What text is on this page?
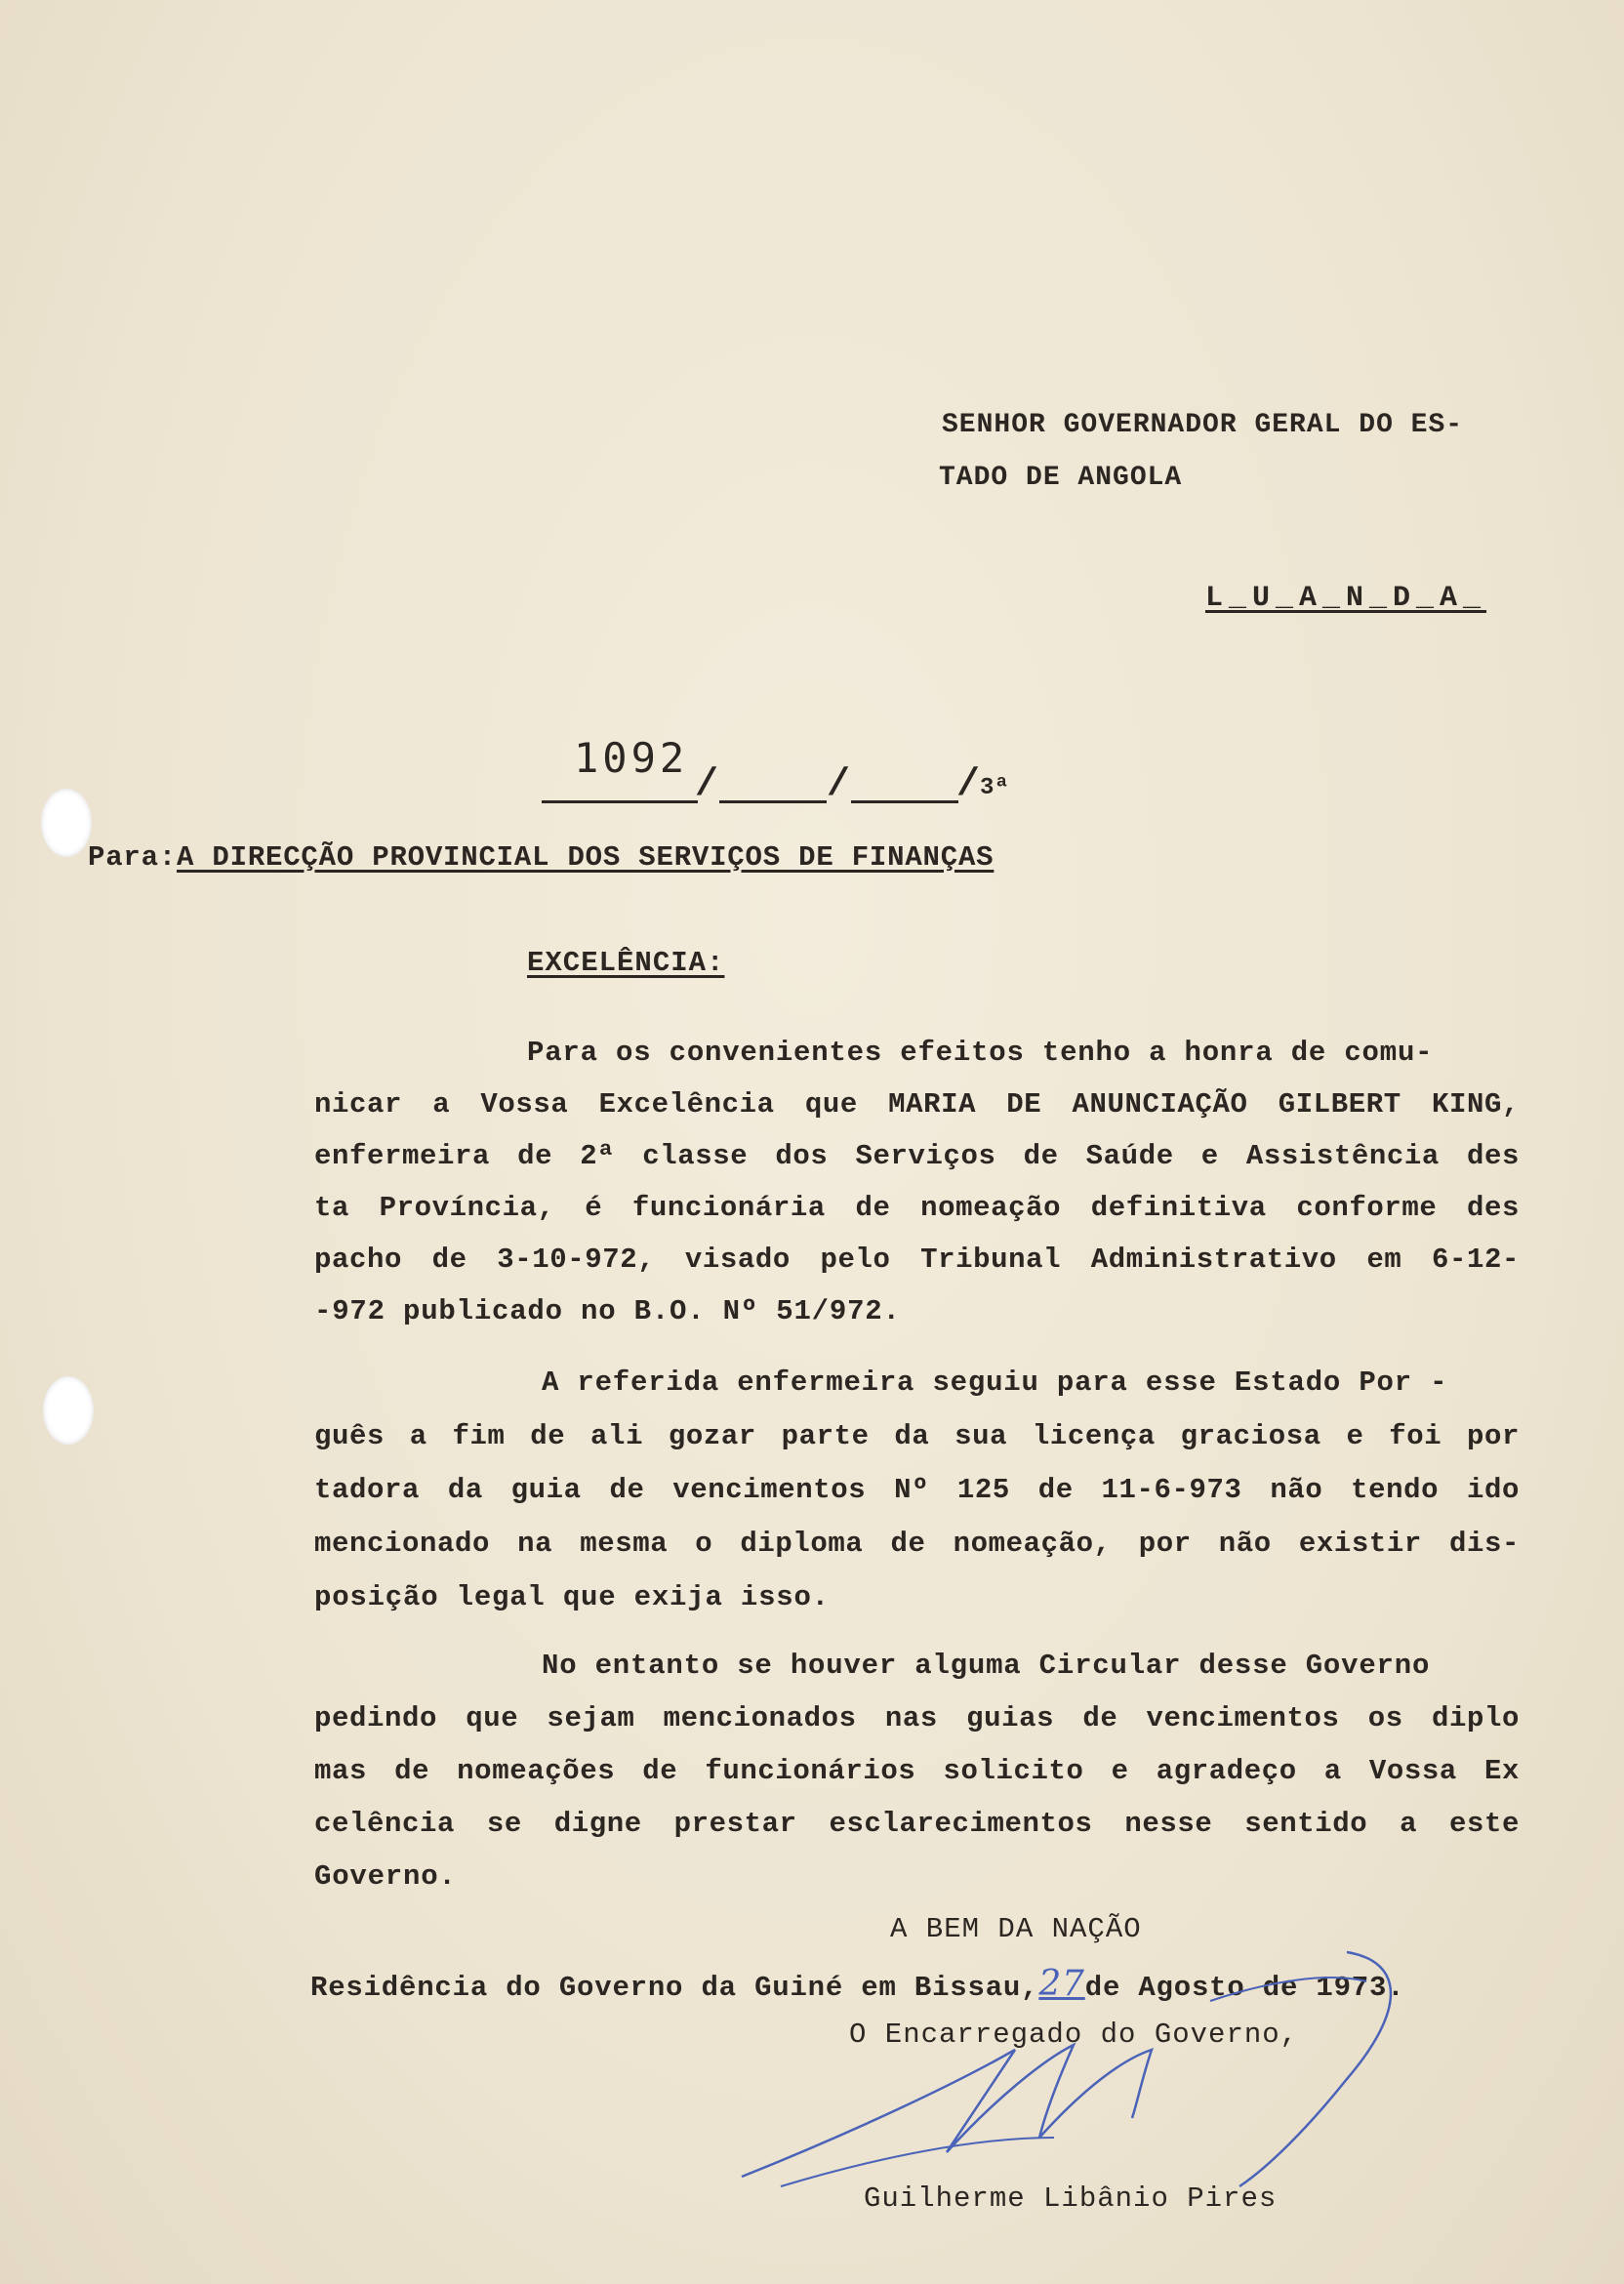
SENHOR GOVERNADOR GERAL DO ES-
TADO DE ANGOLA
L_U_A_N_D_A_
1092
/	/	/ 3ª
Para:A DIRECÇÃO PROVINCIAL DOS SERVIÇOS DE FINANÇAS
EXCELÊNCIA:
Para os convenientes efeitos tenho a honra de comu-
nicar a Vossa Excelência que MARIA DE ANUNCIAÇÃO GILBERT KING,
enfermeira de 2ª classe dos Serviços de Saúde e Assistência des
ta Província, é funcionária de nomeação definitiva conforme des
pacho de 3-10-972, visado pelo Tribunal Administrativo em 6-12-
-972 publicado no B.O. Nº 51/972.
A referida enfermeira seguiu para esse Estado Por -
guês a fim de ali gozar parte da sua licença graciosa e foi por
tadora da guia de vencimentos Nº 125 de 11-6-973 não tendo ido
mencionado na mesma o diploma de nomeação, por não existir dis-
posição legal que exija isso.
No entanto se houver alguma Circular desse Governo
pedindo que sejam mencionados nas guias de vencimentos os diplo
mas de nomeações de funcionários solicito e agradeço a Vossa Ex
celência se digne prestar esclarecimentos nesse sentido a este
Governo.
A BEM DA NAÇÃO
Residência do Governo da Guiné em Bissau,27de Agosto de 1973.
O Encarregado do Governo,
Guilherme Libânio Pires
